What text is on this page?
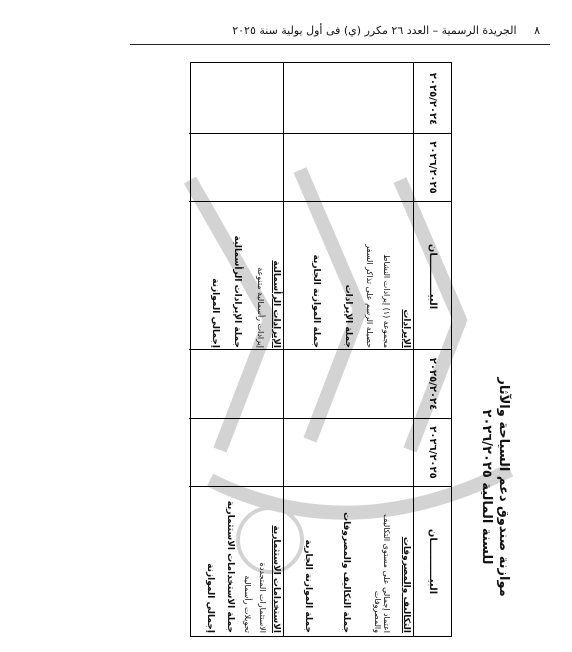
٨ الجريدة الرسمية – العدد ٢٦ مكرر (ي) فى أول يولية سنة ٢٠٢٥
موازنة صندوق دعم السياحة والآثار
للسنة المالية ٢٠٢٦/٢٠٢٥
البيـــــــــــان
٢٠٢٦/٢٠٢٥
٢٠٢٥/٢٠٢٤
التكاليف والمصروفات
اعتماد إجمالي على مستوى التكاليف والمصروفات
جملة التكاليف والمصروفات
جملة الموازنة الجارية
الاستخدامات الاستثمارية
الاستثمارات المتجددة
تحويلات رأسمالية
جملة الاستخدامات الاستثمارية
إجمالي الموازنة
البيـــــــــــان
٢٠٢٦/٢٠٢٥
٢٠٢٥/٢٠٢٤
الإيرادات
مجموعة (١) إيرادات النشاط
حصيلة الرسم على تذاكر السفر
جملة الإيرادات
جملة الموازنة الجارية
الإيرادات الرأسمالية
إيرادات رأسمالية متنوعة
جملة الإيرادات الرأسمالية
إجمالي الموازنة
